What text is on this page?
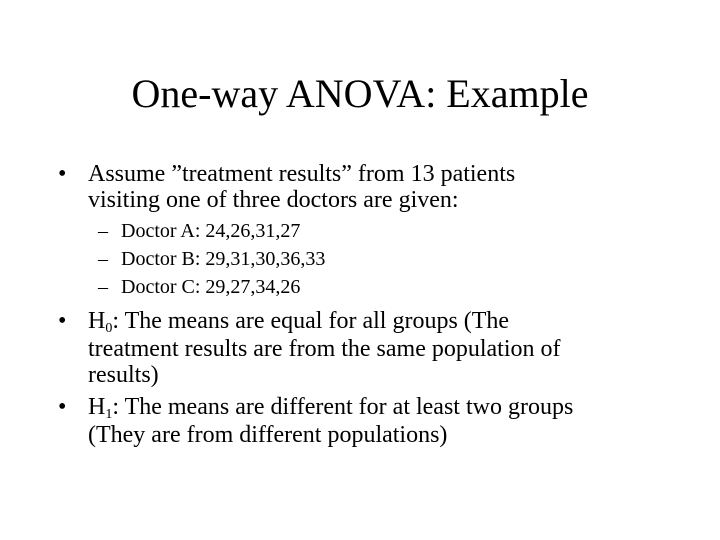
One-way ANOVA: Example
• Assume ”treatment results” from 13 patients
visiting one of three doctors are given:
– Doctor A: 24,26,31,27
– Doctor B: 29,31,30,36,33
– Doctor C: 29,27,34,26
• $H_0$: The means are equal for all groups (The
treatment results are from the same population of
results)
• $H_1$: The means are different for at least two groups
(They are from different populations)
